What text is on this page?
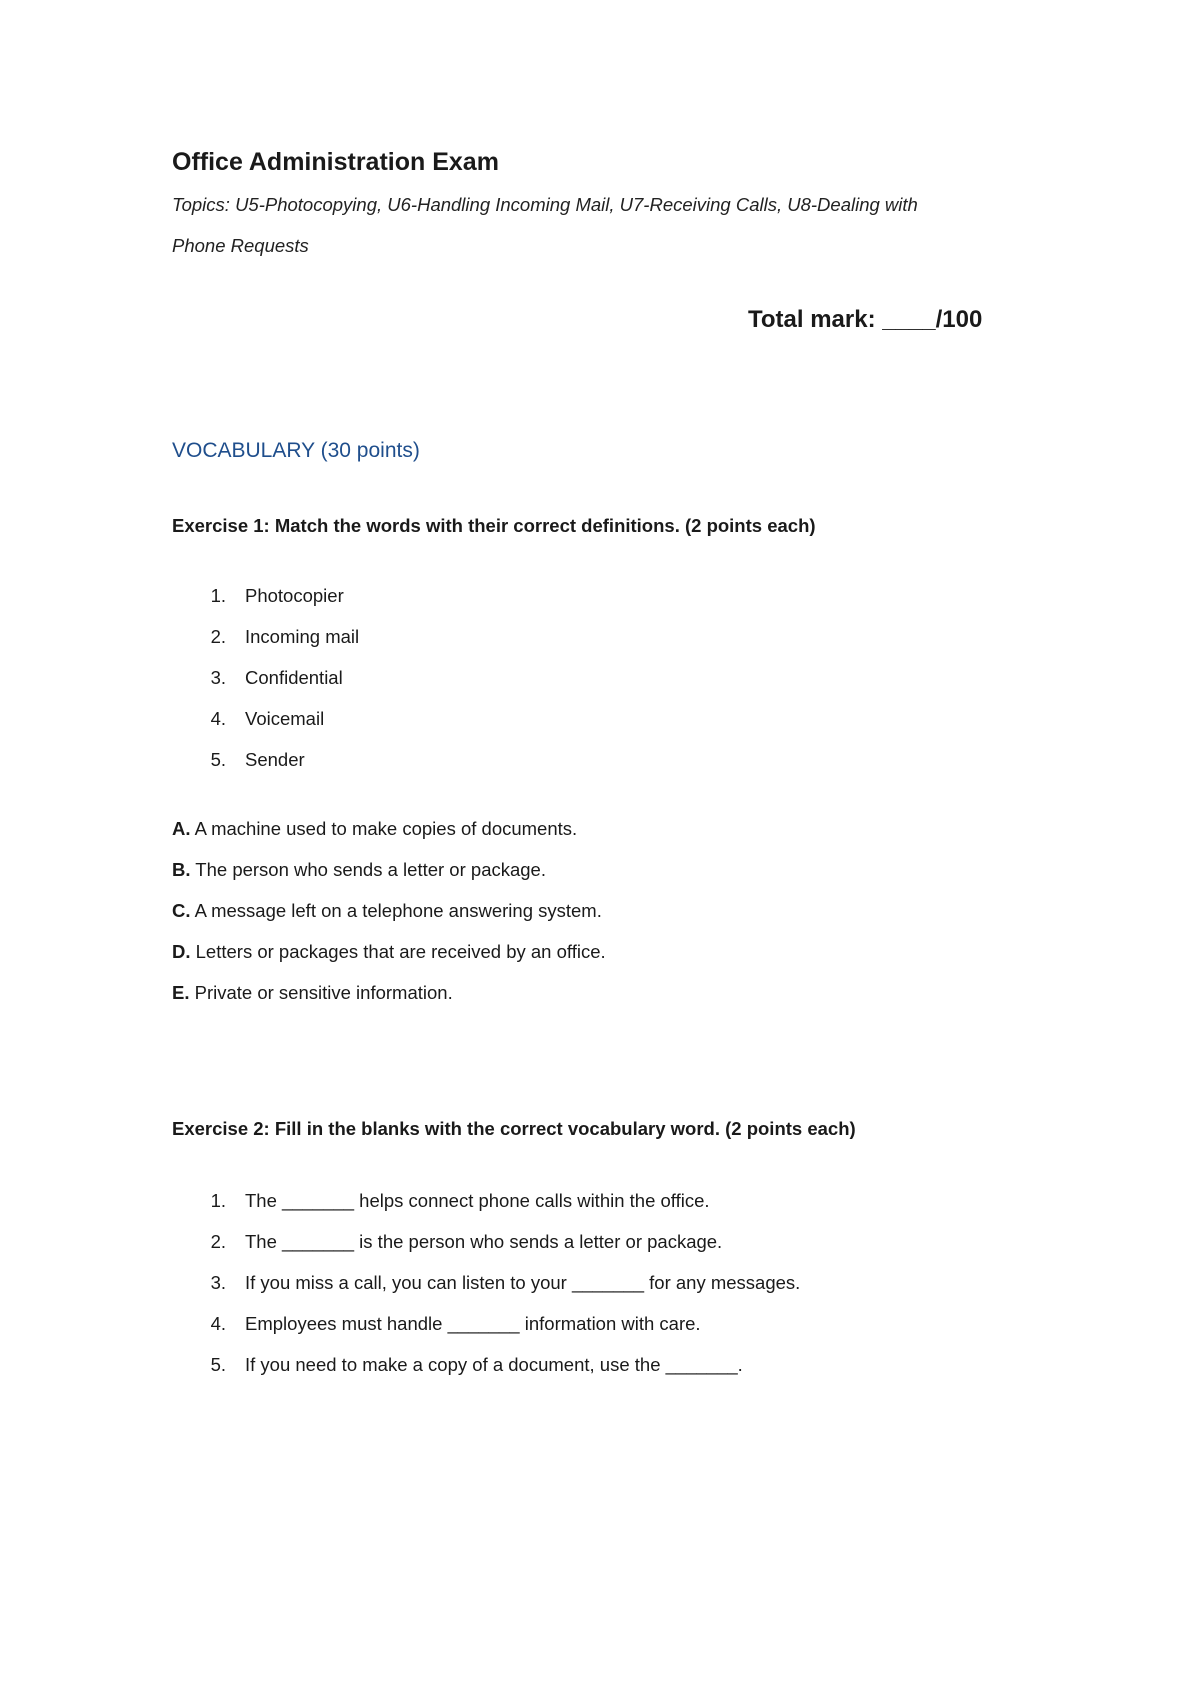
Office Administration Exam
Topics: U5-Photocopying, U6-Handling Incoming Mail, U7-Receiving Calls, U8-Dealing with
Phone Requests
Total mark: ____/100
VOCABULARY (30 points)
Exercise 1: Match the words with their correct definitions. (2 points each)
1. Photocopier
2. Incoming mail
3. Confidential
4. Voicemail
5. Sender
A. A machine used to make copies of documents.
B. The person who sends a letter or package.
C. A message left on a telephone answering system.
D. Letters or packages that are received by an office.
E. Private or sensitive information.
Exercise 2: Fill in the blanks with the correct vocabulary word. (2 points each)
1. The _______ helps connect phone calls within the office.
2. The _______ is the person who sends a letter or package.
3. If you miss a call, you can listen to your _______ for any messages.
4. Employees must handle _______ information with care.
5. If you need to make a copy of a document, use the _______.
